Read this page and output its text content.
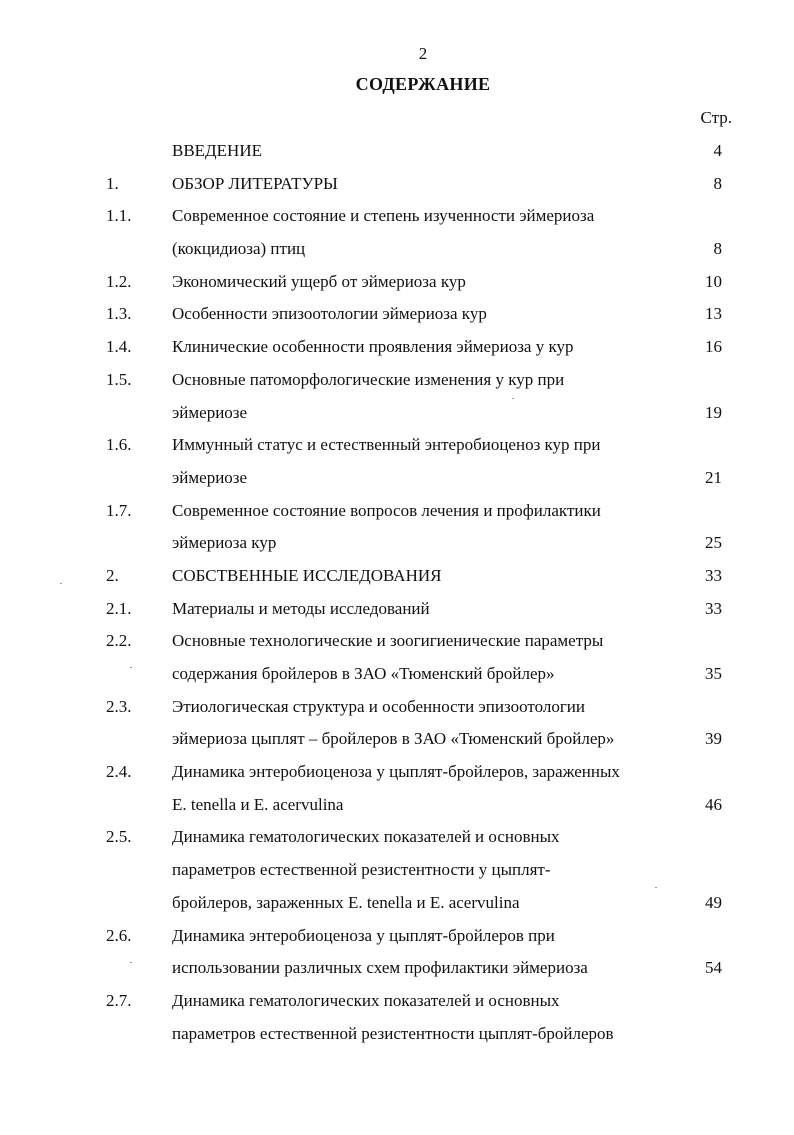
2
СОДЕРЖАНИЕ
Стр.
ВВЕДЕНИЕ	4
1.	ОБЗОР ЛИТЕРАТУРЫ	8
1.1.	Современное состояние и степень изученности эймериоза
(кокцидиоза) птиц	8
1.2.	Экономический ущерб от эймериоза кур	10
1.3.	Особенности эпизоотологии эймериоза кур	13
1.4.	Клинические особенности проявления эймериоза у кур	16
1.5.	Основные патоморфологические изменения у кур при
эймериозе	19
1.6.	Иммунный статус и естественный энтеробиоценоз кур при
эймериозе	21
1.7.	Современное состояние вопросов лечения и профилактики
эймериоза кур	25
2.	СОБСТВЕННЫЕ ИССЛЕДОВАНИЯ	33
2.1.	Материалы и методы исследований	33
2.2.	Основные технологические и зоогигиенические параметры
содержания бройлеров в ЗАО «Тюменский бройлер»	35
2.3.	Этиологическая структура и особенности эпизоотологии
эймериоза цыплят – бройлеров в ЗАО «Тюменский бройлер»	39
2.4.	Динамика энтеробиоценоза у цыплят-бройлеров, зараженных
E. tenella и E. acervulina	46
2.5.	Динамика гематологических показателей и основных
параметров естественной резистентности у цыплят-
бройлеров, зараженных E. tenella и E. acervulina	49
2.6.	Динамика энтеробиоценоза у цыплят-бройлеров при
использовании различных схем профилактики эймериоза	54
2.7.	Динамика гематологических показателей и основных
параметров естественной резистентности цыплят-бройлеров
